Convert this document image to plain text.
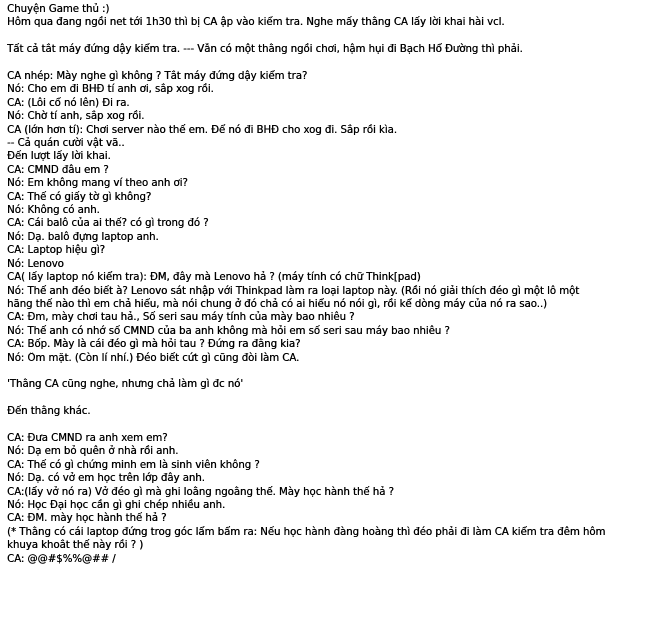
Chuyện Game thủ :)
Hôm qua đang ngồi net tới 1h30 thì bị CA ập vào kiểm tra. Nghe mấy thằng CA lấy lời khai hài vcl.
Tất cả tắt máy đứng dậy kiểm tra. --- Vẫn có một thằng ngồi chơi, hậm hụi đi Bạch Hổ Đường thì phải.
CA nhép: Mày nghe gì không ? Tắt máy đứng dậy kiểm tra?
Nó: Cho em đi BHĐ tí anh ơi, sắp xog rồi.
CA: (Lôi cổ nó lên) Đi ra.
Nó: Chờ tí anh, sắp xog rồi.
CA (lớn hơn tí): Chơi server nào thế em. Để nó đi BHĐ cho xog đi. Sắp rồi kìa.
-- Cả quán cười vật vã..
Đến lượt lấy lời khai.
CA: CMND đâu em ?
Nó: Em không mang ví theo anh ơi?
CA: Thế có giấy tờ gì không?
Nó: Không có anh.
CA: Cái balô của ai thế? có gì trong đó ?
Nó: Dạ. balô đựng laptop anh.
CA: Laptop hiệu gì?
Nó: Lenovo
CA( lấy laptop nó kiểm tra): ĐM, đây mà Lenovo hả ? (máy tính có chữ Think[pad)
Nó: Thế anh đéo biết à? Lenovo sát nhập với Thinkpad làm ra loại laptop này. (Rồi nó giải thích đéo gì một lô một
hãng thế nào thì em chả hiểu, mà nói chung ở đó chả có ai hiểu nó nói gì, rồi kể dòng máy của nó ra sao..)
CA: Đm, mày chơi tau hả., Số seri sau máy tính của mày bao nhiêu ?
Nó: Thế anh có nhớ số CMND của ba anh không mà hỏi em số seri sau máy bao nhiêu ?
CA: Bốp. Mày là cái đéo gì mà hỏi tau ? Đứng ra đằng kia?
Nó: Ôm mặt. (Còn lí nhí.) Đéo biết cứt gì cũng đòi làm CA.
'Thằng CA cũng nghe, nhưng chả làm gì đc nó'
Đến thằng khác.
CA: Đưa CMND ra anh xem em?
Nó: Dạ em bỏ quên ở nhà rồi anh.
CA: Thế có gì chứng minh em là sinh viên không ?
Nó: Dạ. có vở em học trên lớp đây anh.
CA:(lấy vở nó ra) Vở đéo gì mà ghi loằng ngoằng thế. Mày học hành thế hả ?
Nó: Học Đại học cần gì ghi chép nhiều anh.
CA: ĐM. mày học hành thế hả ?
(* Thằng có cái laptop đứng trog góc lẩm bẩm ra: Nếu học hành đàng hoàng thì đéo phải đi làm CA kiểm tra đêm hôm
khuya khoắt thế này rồi ? )
CA: @@#$%%@## /
